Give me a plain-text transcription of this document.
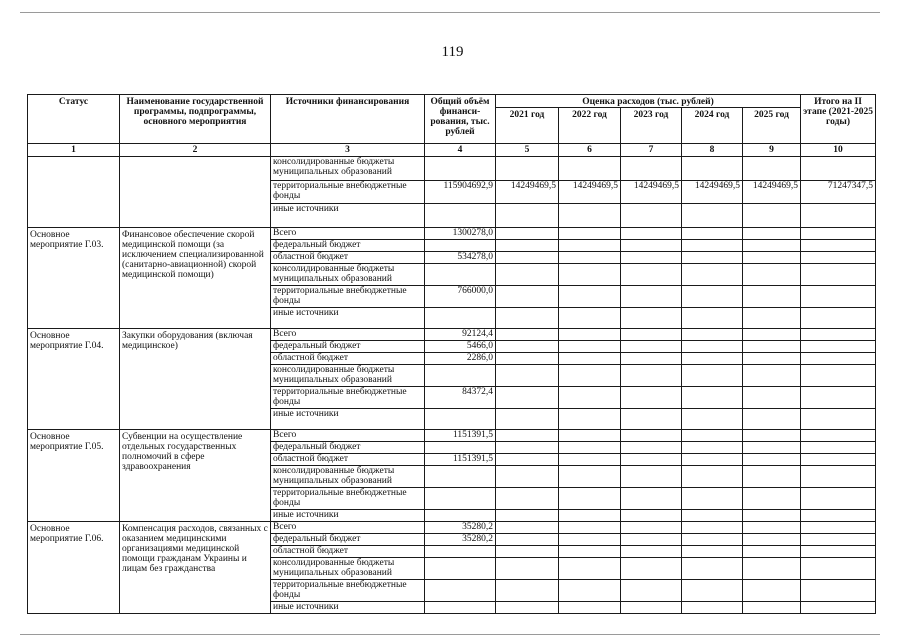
119
Статус	Наименование государственной программы, подпрограммы, основного мероприятия	Источники финансирования	Общий объём финанси-рования, тыс. рублей	Оценка расходов (тыс. рублей)					Итого на II этапе (2021-2025 годы)
				2021 год	2022 год	2023 год	2024 год	2025 год	
1	2	3	4	5	6	7	8	9	10
		консолидированные бюджеты муниципальных образований							
		территориальные внебюджетные фонды	115904692,9	14249469,5	14249469,5	14249469,5	14249469,5	14249469,5	71247347,5
		иные источники							
Основное мероприятие Г.03.	Финансовое обеспечение скорой медицинской помощи (за исключением специализированной (санитарно-авиационной) скорой медицинской помощи)	Всего	1300278,0						
		федеральный бюджет							
		областной бюджет	534278,0						
		консолидированные бюджеты муниципальных образований							
		территориальные внебюджетные фонды	766000,0						
		иные источники							
Основное мероприятие Г.04.	Закупки оборудования (включая медицинское)	Всего	92124,4						
		федеральный бюджет	5466,0						
		областной бюджет	2286,0						
		консолидированные бюджеты муниципальных образований							
		территориальные внебюджетные фонды	84372,4						
		иные источники							
Основное мероприятие Г.05.	Субвенции на осуществление отдельных государственных полномочий в сфере здравоохранения	Всего	1151391,5						
		федеральный бюджет							
		областной бюджет	1151391,5						
		консолидированные бюджеты муниципальных образований							
		территориальные внебюджетные фонды							
		иные источники							
Основное мероприятие Г.06.	Компенсация расходов, связанных с оказанием медицинскими организациями медицинской помощи гражданам Украины и лицам без гражданства	Всего	35280,2						
		федеральный бюджет	35280,2						
		областной бюджет							
		консолидированные бюджеты муниципальных образований							
		территориальные внебюджетные фонды							
		иные источники							
